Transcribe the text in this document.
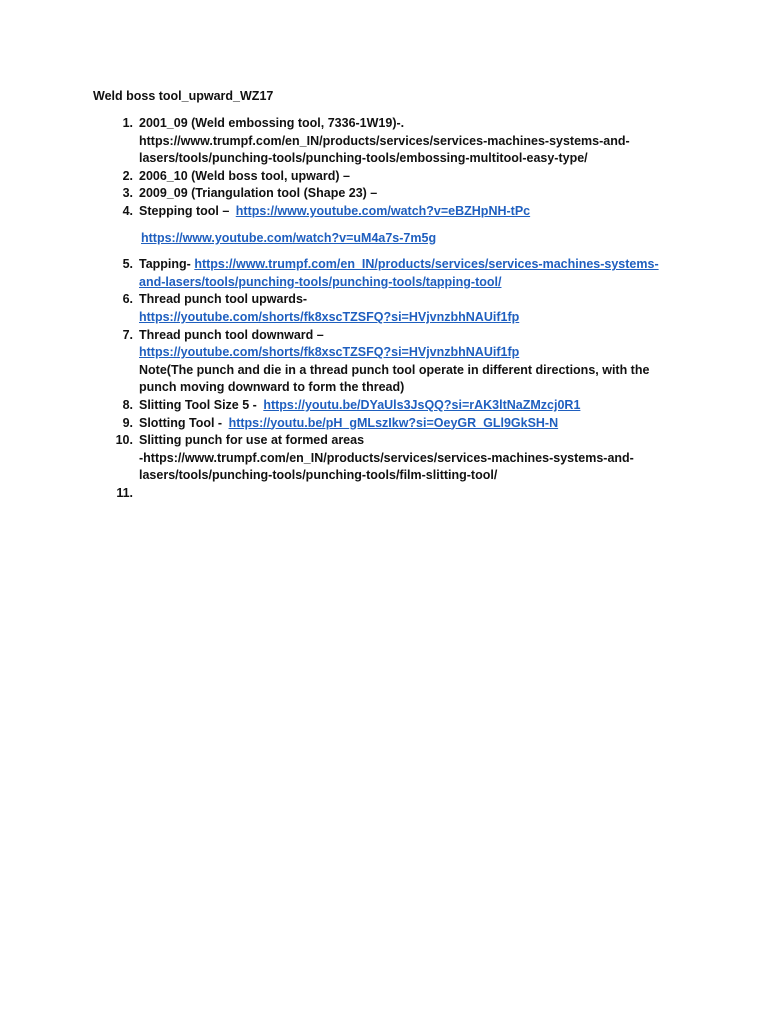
Weld boss tool_upward_WZ17
1. 2001_09 (Weld embossing tool, 7336-1W19)-.
https://www.trumpf.com/en_IN/products/services/services-machines-systems-and-
lasers/tools/punching-tools/punching-tools/embossing-multitool-easy-type/
2. 2006_10 (Weld boss tool, upward) –
3. 2009_09 (Triangulation tool (Shape 23) –
4. Stepping tool – https://www.youtube.com/watch?v=eBZHpNH-tPc
https://www.youtube.com/watch?v=uM4a7s-7m5g
5. Tapping- https://www.trumpf.com/en_IN/products/services/services-machines-systems-
and-lasers/tools/punching-tools/punching-tools/tapping-tool/
6. Thread punch tool upwards-
https://youtube.com/shorts/fk8xscTZSFQ?si=HVjvnzbhNAUif1fp
7. Thread punch tool downward –
https://youtube.com/shorts/fk8xscTZSFQ?si=HVjvnzbhNAUif1fp
Note(The punch and die in a thread punch tool operate in different directions, with the
punch moving downward to form the thread)
8. Slitting Tool Size 5 - https://youtu.be/DYaUls3JsQQ?si=rAK3ltNaZMzcj0R1
9. Slotting Tool - https://youtu.be/pH_gMLszIkw?si=OeyGR_GLl9GkSH-N
10. Slitting punch for use at formed areas
-https://www.trumpf.com/en_IN/products/services/services-machines-systems-and-
lasers/tools/punching-tools/punching-tools/film-slitting-tool/
11.
